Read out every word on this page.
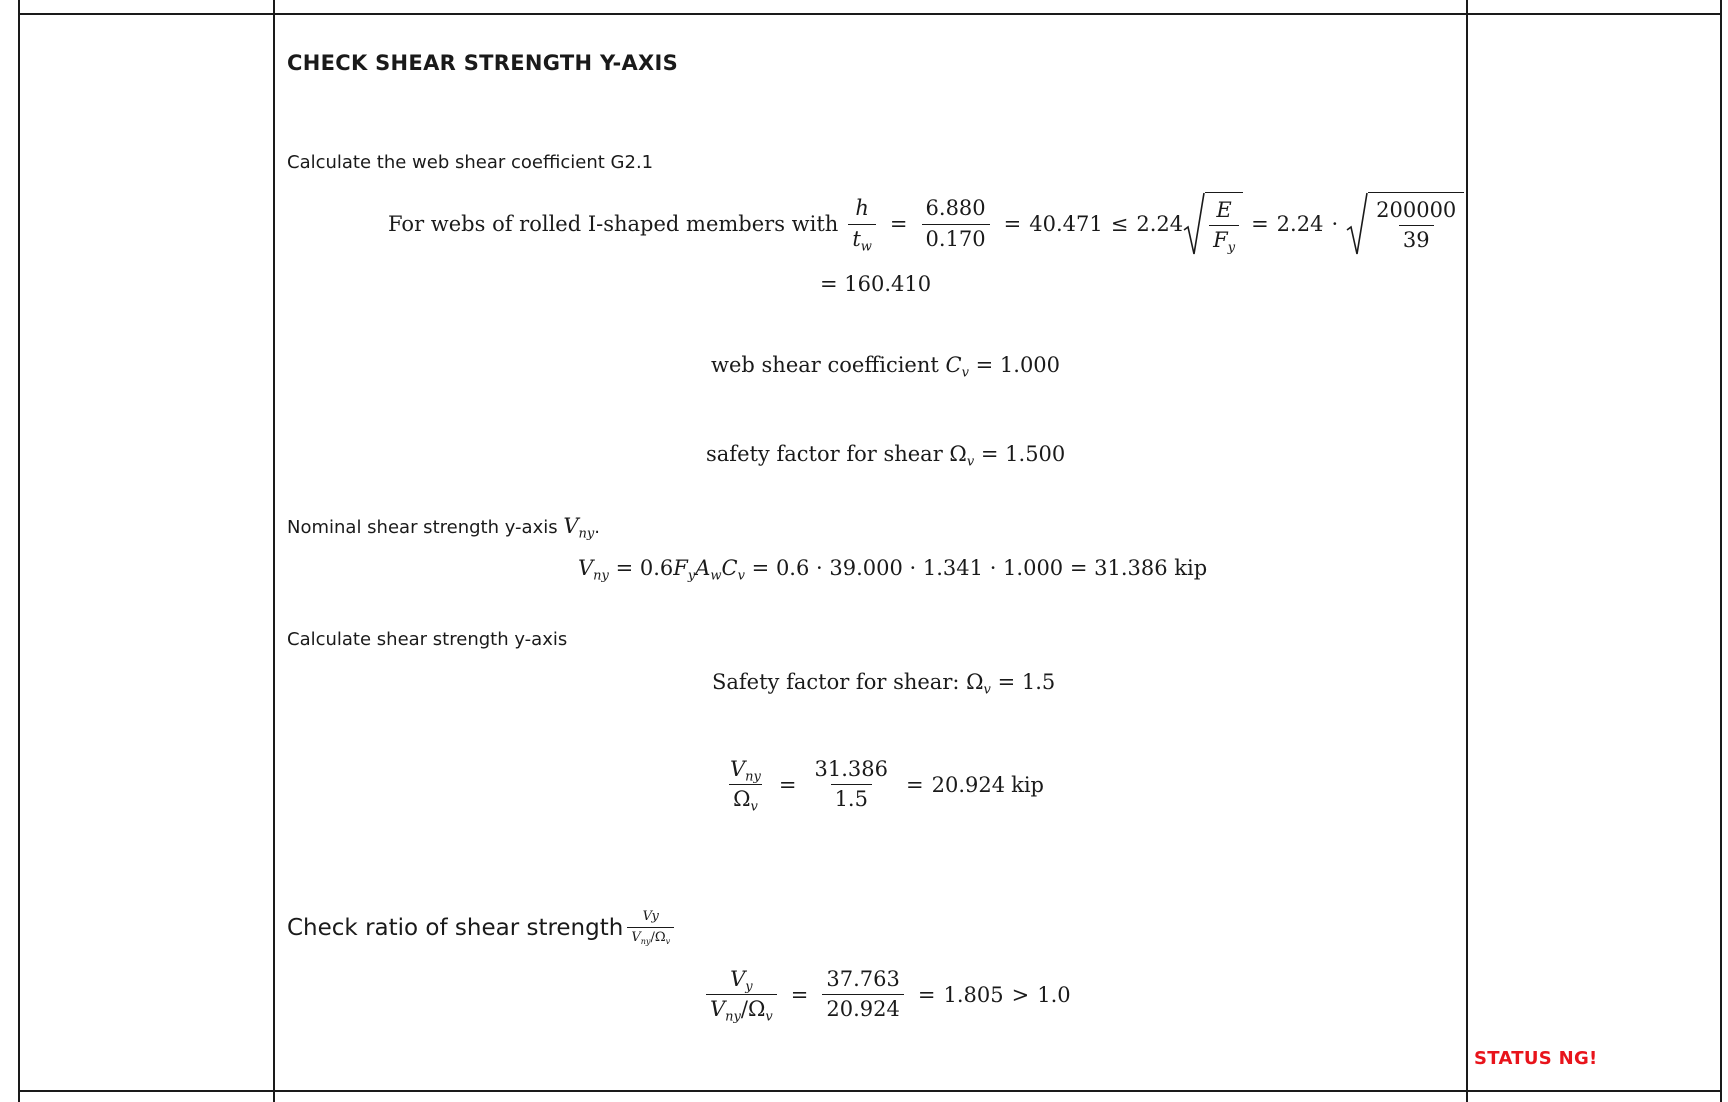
CHECK SHEAR STRENGTH Y-AXIS
Calculate the web shear coefficient G2.1
For webs of rolled I-shaped members with $\frac{h}{t_w} = \frac{6.880}{0.170} = 40.471 \le 2.24 \frac{E}{F_y} = 2.24 \cdot \frac{200000}{39}$
= 160.410
web shear coefficient $C_v = 1.000$
safety factor for shear $\Omega_v = 1.500$
Nominal shear strength y-axis $V_{ny}$.
$V_{ny} = 0.6F_yA_wC_v = 0.6 \cdot 39.000 \cdot 1.341 \cdot 1.000 = 31.386$ kip
Calculate shear strength y-axis
Safety factor for shear: $\Omega_v = 1.5$
$\frac{V_{ny}}{\Omega_v} = \frac{31.386}{1.5} = 20.924$ kip
Check ratio of shear strength $\frac{Vy}{V_{ny}/\Omega_v}$
$\frac{V_y}{V_{ny}/\Omega_v} = \frac{37.763}{20.924} = 1.805 > 1.0$
STATUS NG!
